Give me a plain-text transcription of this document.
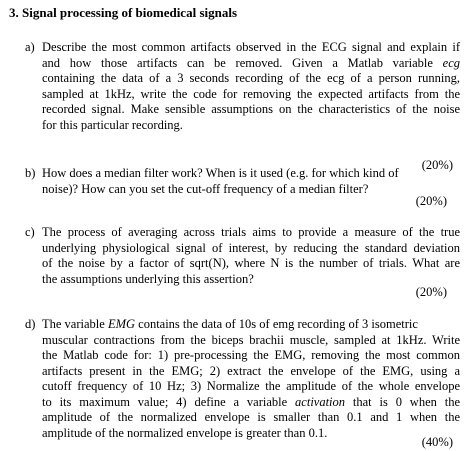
3. Signal processing of biomedical signals
a) Describe the most common artifacts observed in the ECG signal and explain if
and how those artifacts can be removed. Given a Matlab variable ecg
containing the data of a 3 seconds recording of the ecg of a person running,
sampled at 1kHz, write the code for removing the expected artifacts from the
recorded signal. Make sensible assumptions on the characteristics of the noise
for this particular recording.
(20%)
b) How does a median filter work? When is it used (e.g. for which kind of
noise)? How can you set the cut-off frequency of a median filter?
(20%)
c) The process of averaging across trials aims to provide a measure of the true
underlying physiological signal of interest, by reducing the standard deviation
of the noise by a factor of sqrt(N), where N is the number of trials. What are
the assumptions underlying this assertion?
(20%)
d) The variable EMG contains the data of 10s of emg recording of 3 isometric
muscular contractions from the biceps brachii muscle, sampled at 1kHz. Write
the Matlab code for: 1) pre-processing the EMG, removing the most common
artifacts present in the EMG; 2) extract the envelope of the EMG, using a
cutoff frequency of 10 Hz; 3) Normalize the amplitude of the whole envelope
to its maximum value; 4) define a variable activation that is 0 when the
amplitude of the normalized envelope is smaller than 0.1 and 1 when the
amplitude of the normalized envelope is greater than 0.1.
(40%)
